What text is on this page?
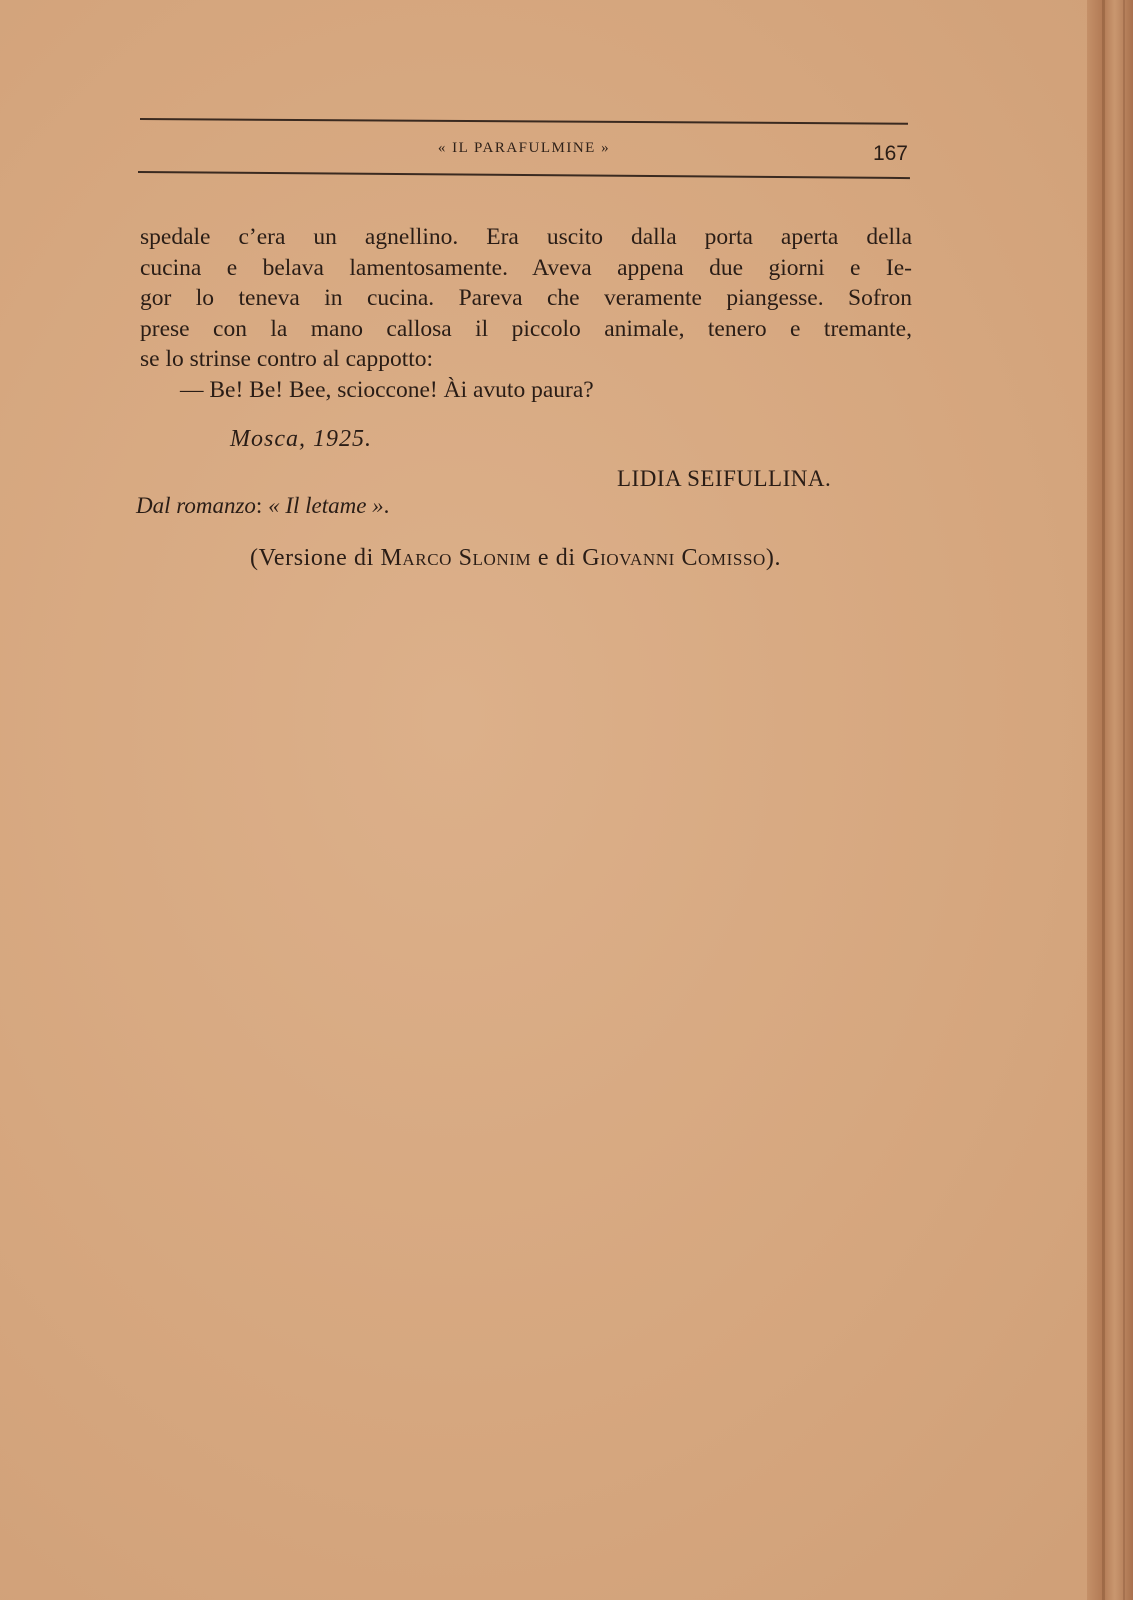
« IL PARAFULMINE »	167

spedale c’era un agnellino. Era uscito dalla porta aperta della
cucina e belava lamentosamente. Aveva appena due giorni e Ie-
gor lo teneva in cucina. Pareva che veramente piangesse. Sofron
prese con la mano callosa il piccolo animale, tenero e tremante,
se lo strinse contro al cappotto:

— Be! Be! Bee, scioccone! Ài avuto paura?

Mosca, 1925.
LIDIA SEIFULLINA.
Dal romanzo: « Il letame ».
(Versione di Marco Slonim e di Giovanni Comisso).
